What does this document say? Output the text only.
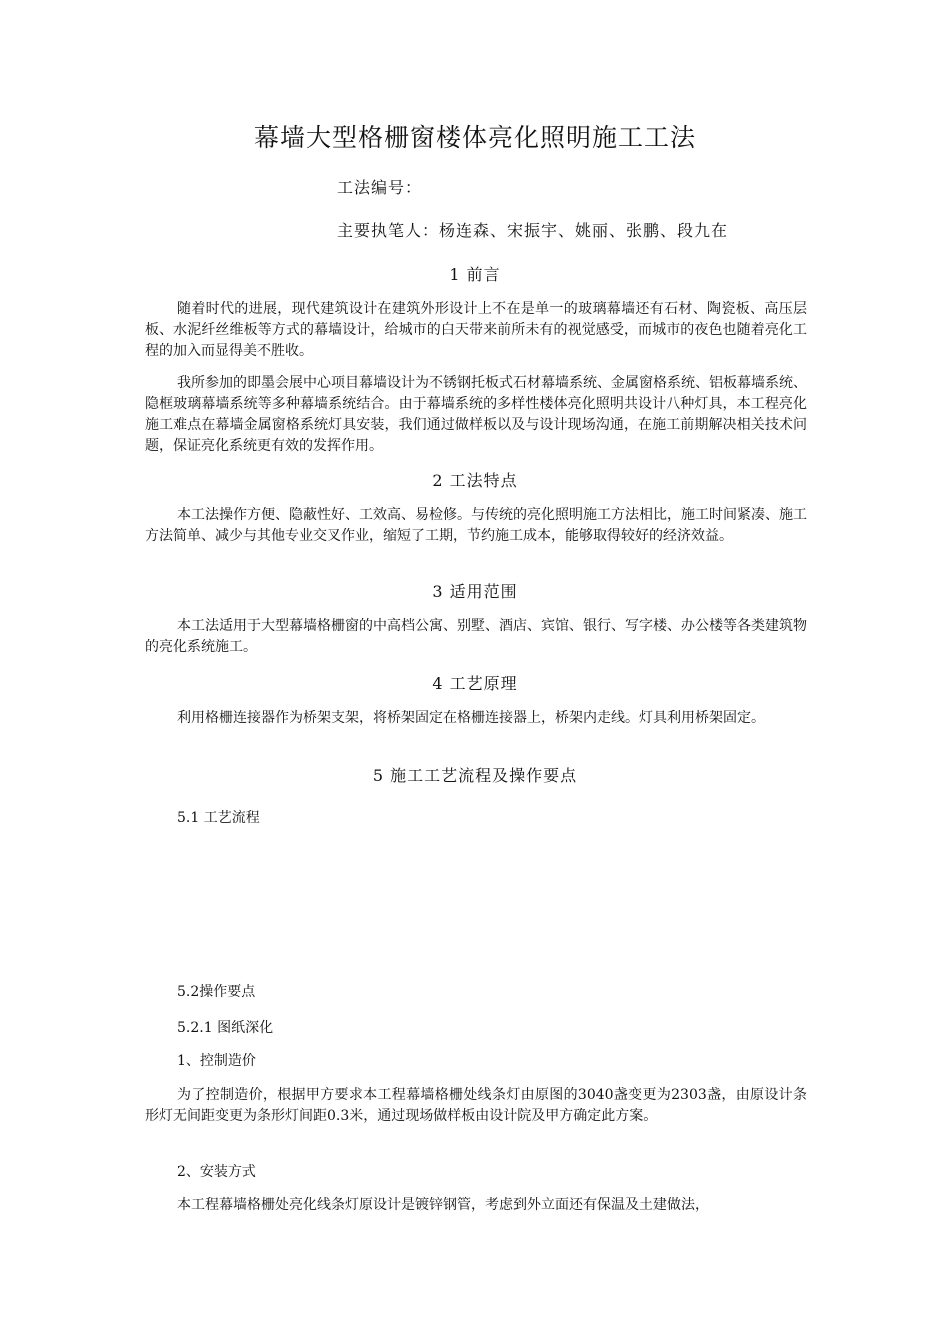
幕墙大型格栅窗楼体亮化照明施工工法
工法编号：
主要执笔人：杨连森、宋振宇、姚丽、张鹏、段九在
1 前言

随着时代的进展，现代建筑设计在建筑外形设计上不在是单一的玻璃幕墙还有石材、陶瓷板、高压层板、水泥纤丝维板等方式的幕墙设计，给城市的白天带来前所未有的视觉感受，而城市的夜色也随着亮化工程的加入而显得美不胜收。

我所参加的即墨会展中心项目幕墙设计为不锈钢托板式石材幕墙系统、金属窗格系统、铝板幕墙系统、隐框玻璃幕墙系统等多种幕墙系统结合。由于幕墙系统的多样性楼体亮化照明共设计八种灯具，本工程亮化施工难点在幕墙金属窗格系统灯具安装，我们通过做样板以及与设计现场沟通，在施工前期解决相关技术问题，保证亮化系统更有效的发挥作用。

2 工法特点

本工法操作方便、隐蔽性好、工效高、易检修。与传统的亮化照明施工方法相比，施工时间紧凑、施工方法简单、减少与其他专业交叉作业，缩短了工期，节约施工成本，能够取得较好的经济效益。

3 适用范围

本工法适用于大型幕墙格栅窗的中高档公寓、别墅、酒店、宾馆、银行、写字楼、办公楼等各类建筑物的亮化系统施工。

4 工艺原理

利用格栅连接器作为桥架支架，将桥架固定在格栅连接器上，桥架内走线。灯具利用桥架固定。

5 施工工艺流程及操作要点

5.1 工艺流程

5.2操作要点

5.2.1 图纸深化

1、控制造价

为了控制造价，根据甲方要求本工程幕墙格栅处线条灯由原图的3040盏变更为2303盏，由原设计条形灯无间距变更为条形灯间距0.3米，通过现场做样板由设计院及甲方确定此方案。

2、安装方式

本工程幕墙格栅处亮化线条灯原设计是镀锌钢管，考虑到外立面还有保温及土建做法，
